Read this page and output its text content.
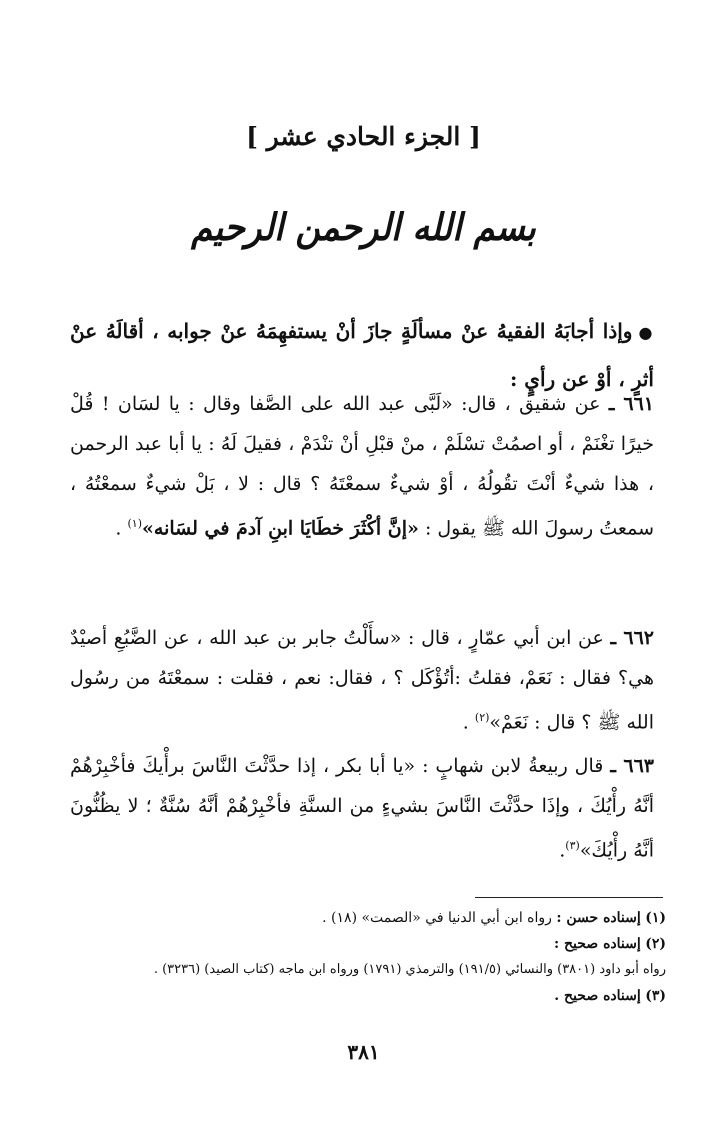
[ الجزء الحادي عشر ]
بسم الله الرحمن الرحيم
●وإذا أجابَهُ الفقيهُ عنْ مسألَةٍ جازَ أنْ يستفهِمَهُ عنْ جوابه ، أقالَهُ عنْ أثرٍ ، أوْ عن رأيٍ :
٦٦١ ـ عن شقيق ، قال: «لَبَّى عبد الله على الصَّفا وقال : يا لسَان ! قُلْ خيرًا تغْنَمْ ، أو اصمُتْ تسْلَمْ ، منْ قبْلِ أنْ تنْدَمْ ، فقيلَ لَهُ : يا أبا عبد الرحمن ، هذا شيءٌ أنْتَ تقُولُهُ ، أوْ شيءٌ سمعْتَهُ ؟ قال : لا ، بَلْ شيءٌ سمعْتُهُ ، سمعتُ رسولَ الله ﷺ يقول : «إنَّ أكْثَرَ خطَايَا ابنِ آدمَ في لسَانه»$^{(١)}$ .
٦٦٢ ـ عن ابن أبي عمّارٍ ، قال : «سأَلْتُ جابر بن عبد الله ، عن الضَّبُعِ أصيْدٌ هي؟ فقال : نَعَمْ، فقلتُ :أتُؤْكَل ؟ ، فقال: نعم ، فقلت : سمعْتَهُ من رسُول الله ﷺ ؟ قال : نَعَمْ»$^{(٢)}$ .
٦٦٣ ـ قال ربيعةُ لابن شهابٍ : «يا أبا بكر ، إذا حدَّثْتَ النَّاسَ برأْيكَ فأخْبِرْهُمْ أنَّهُ رأْيُكَ ، وإذَا حدَّثْتَ النَّاسَ بشيءٍ من السنَّةِ فأخْبِرْهُمْ أنَّهُ سُنَّةٌ ؛ لا يظُنُّونَ أنَّهُ رأْيُكَ»$^{(٣)}$.
(١) إسناده حسن : رواه ابن أبي الدنيا في «الصمت» (١٨) .
(٢) إسناده صحيح :
رواه أبو داود (٣٨٠١) والنسائي (١٩١/٥) والترمذي (١٧٩١) ورواه ابن ماجه (كتاب الصيد) (٣٢٣٦) .
(٣) إسناده صحيح .
٣٨١
